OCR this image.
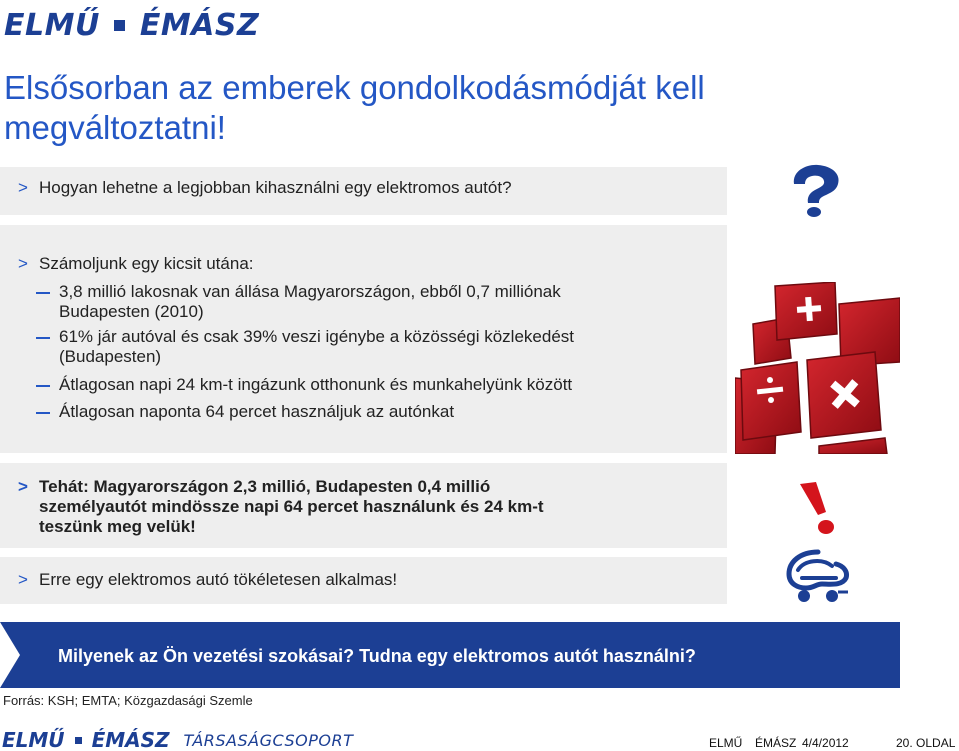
ELMŰ ÉMÁSZ
Elsősorban az emberek gondolkodásmódját kell
megváltoztatni!
> Hogyan lehetne a legjobban kihasználni egy elektromos autót?
> Számoljunk egy kicsit utána:
3,8 millió lakosnak van állása Magyarországon, ebből 0,7 milliónak
Budapesten (2010)
61% jár autóval és csak 39% veszi igénybe a közösségi közlekedést
(Budapesten)
Átlagosan napi 24 km-t ingázunk otthonunk és munkahelyünk között
Átlagosan naponta 64 percet használjuk az autónkat
> Tehát: Magyarországon 2,3 millió, Budapesten 0,4 millió
személyautót mindössze napi 64 percet használunk és 24 km-t
teszünk meg velük!
> Erre egy elektromos autó tökéletesen alkalmas!
Milyenek az Ön vezetési szokásai? Tudna egy elektromos autót használni?
Forrás: KSH; EMTA; Közgazdasági Szemle
ELMŰ ÉMÁSZ TÁRSASÁGCSOPORT	ELMŰ ÉMÁSZ 4/4/2012	20. OLDAL
